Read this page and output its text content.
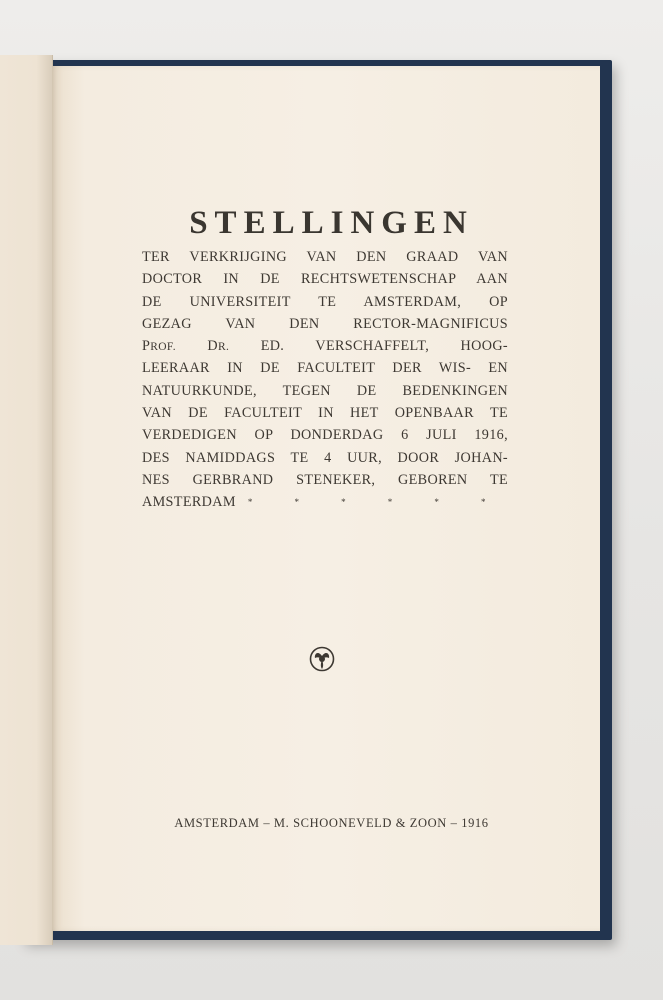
STELLINGEN
TER VERKRIJGING VAN DEN GRAAD VAN
DOCTOR IN DE RECHTSWETENSCHAP AAN
DE UNIVERSITEIT TE AMSTERDAM, OP
GEZAG VAN DEN RECTOR-MAGNIFICUS
PROF. DR. ED. VERSCHAFFELT, HOOG-
LEERAAR IN DE FACULTEIT DER WIS- EN
NATUURKUNDE, TEGEN DE BEDENKINGEN
VAN DE FACULTEIT IN HET OPENBAAR TE
VERDEDIGEN OP DONDERDAG 6 JULI 1916,
DES NAMIDDAGS TE 4 UUR, DOOR JOHAN-
NES GERBRAND STENEKER, GEBOREN TE
AMSTERDAM *	*	*	*	*	*
AMSTERDAM – M. SCHOONEVELD & ZOON – 1916
